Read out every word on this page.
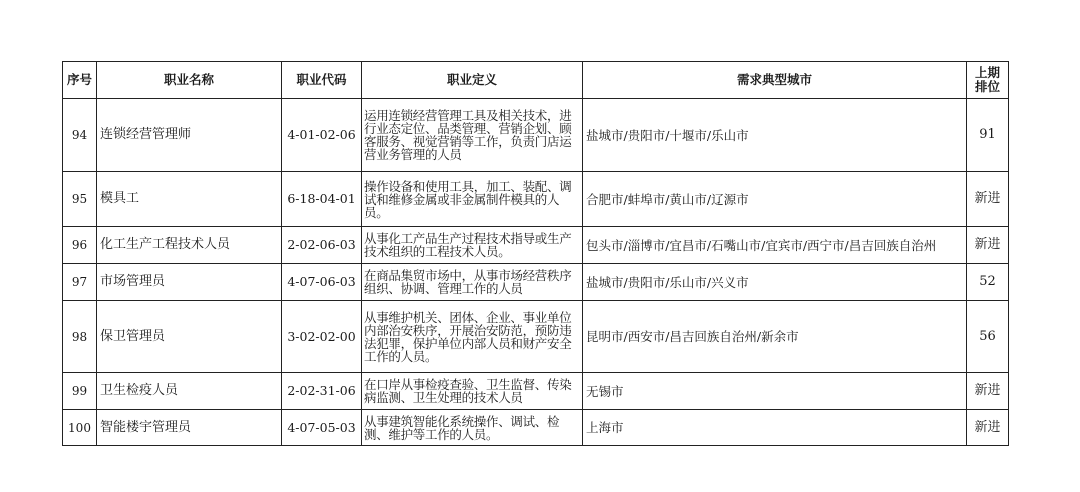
序号	职业名称	职业代码	职业定义	需求典型城市	上期排位
94	连锁经营管理师	4-01-02-06	运用连锁经营管理工具及相关技术，进行业态定位、品类管理、营销企划、顾客服务、视觉营销等工作，负责门店运营业务管理的人员	盐城市/贵阳市/十堰市/乐山市	91
95	模具工	6-18-04-01	操作设备和使用工具，加工、装配、调试和维修金属或非金属制件模具的人员。	合肥市/蚌埠市/黄山市/辽源市	新进
96	化工生产工程技术人员	2-02-06-03	从事化工产品生产过程技术指导或生产技术组织的工程技术人员。	包头市/淄博市/宜昌市/石嘴山市/宜宾市/西宁市/昌吉回族自治州	新进
97	市场管理员	4-07-06-03	在商品集贸市场中，从事市场经营秩序组织、协调、管理工作的人员	盐城市/贵阳市/乐山市/兴义市	52
98	保卫管理员	3-02-02-00	从事维护机关、团体、企业、事业单位内部治安秩序，开展治安防范，预防违法犯罪，保护单位内部人员和财产安全工作的人员。	昆明市/西安市/昌吉回族自治州/新余市	56
99	卫生检疫人员	2-02-31-06	在口岸从事检疫查验、卫生监督、传染病监测、卫生处理的技术人员	无锡市	新进
100	智能楼宇管理员	4-07-05-03	从事建筑智能化系统操作、调试、检测、维护等工作的人员。	上海市	新进
